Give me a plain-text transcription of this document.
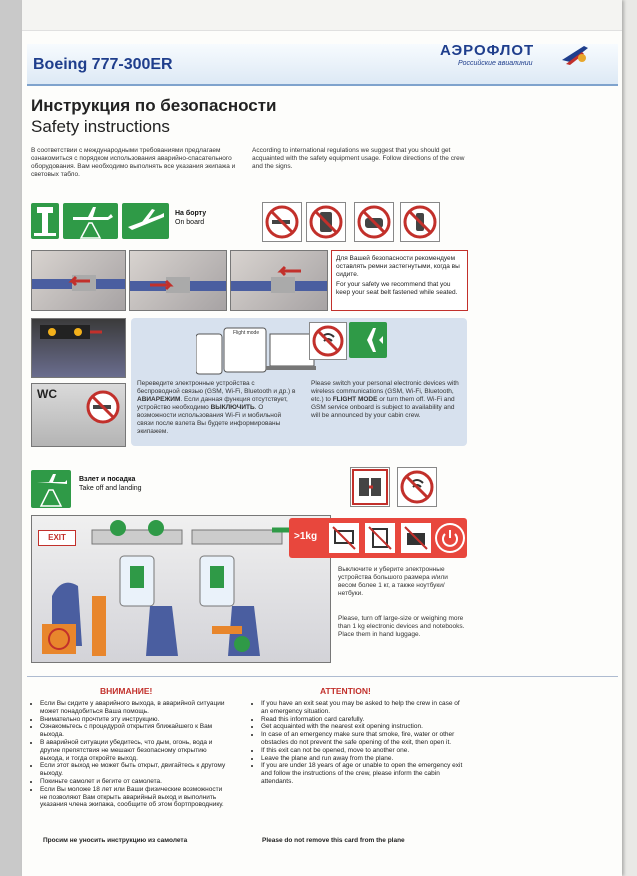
Boeing 777-300ER
АЭРОФЛОТ
Российские авиалинии
Инструкция по безопасности
Safety instructions
В соответствии с международными требованиями предлагаем ознакомиться с порядком использования аварийно-спасательного оборудования. Вам необходимо выполнять все указания экипажа и световых табло.
According to international regulations we suggest that you should get acquainted with the safety equipment usage. Follow directions of the crew and the signs.
На борту
On board
Для Вашей безопасности рекомендуем оставлять ремни застегнутыми, когда вы сидите.
For your safety we recommend that you keep your seat belt fastened while seated.
WC
Flight mode
Переведите электронные устройства с беспроводной связью (GSM, Wi-Fi, Bluetooth и др.) в АВИАРЕЖИМ. Если данная функция отсутствует, устройство необходимо ВЫКЛЮЧИТЬ. О возможности использования Wi-Fi и мобильной связи после взлета Вы будете информированы экипажем.
Please switch your personal electronic devices with wireless communications (GSM, Wi-Fi, Bluetooth, etc.) to FLIGHT MODE or turn them off. Wi-Fi and GSM service onboard is subject to availability and will be announced by your cabin crew.
Взлет и посадка
Take off and landing
EXIT	>1kg
Выключите и уберите электронные устройства большого размера и/или весом более 1 кг, а также ноутбуки/нетбуки.
Please, turn off large-size or weighing more than 1 kg electronic devices and notebooks. Place them in hand luggage.
ВНИМАНИЕ!
• Если Вы сидите у аварийного выхода, в аварийной ситуации может понадобиться Ваша помощь.
• Внимательно прочтите эту инструкцию.
• Ознакомьтесь с процедурой открытия ближайшего к Вам выхода.
• В аварийной ситуации убедитесь, что дым, огонь, вода и другие препятствия не мешают безопасному открытию выхода, и тогда откройте выход.
• Если этот выход не может быть открыт, двигайтесь к другому выходу.
• Покиньте самолет и бегите от самолета.
• Если Вы моложе 18 лет или Ваши физические возможности не позволяют Вам открыть аварийный выход и выполнить указания члена экипажа, сообщите об этом бортпроводнику.
Просим не уносить инструкцию из самолета
ATTENTION!
• If you have an exit seat you may be asked to help the crew in case of an emergency situation.
• Read this information card carefully.
• Get acquainted with the nearest exit opening instruction.
• In case of an emergency make sure that smoke, fire, water or other obstacles do not prevent the safe opening of the exit, then open it.
• If this exit can not be opened, move to another one.
• Leave the plane and run away from the plane.
• If you are under 18 years of age or unable to open the emergency exit and follow the instructions of the crew, please inform the cabin attendants.
Please do not remove this card from the plane
